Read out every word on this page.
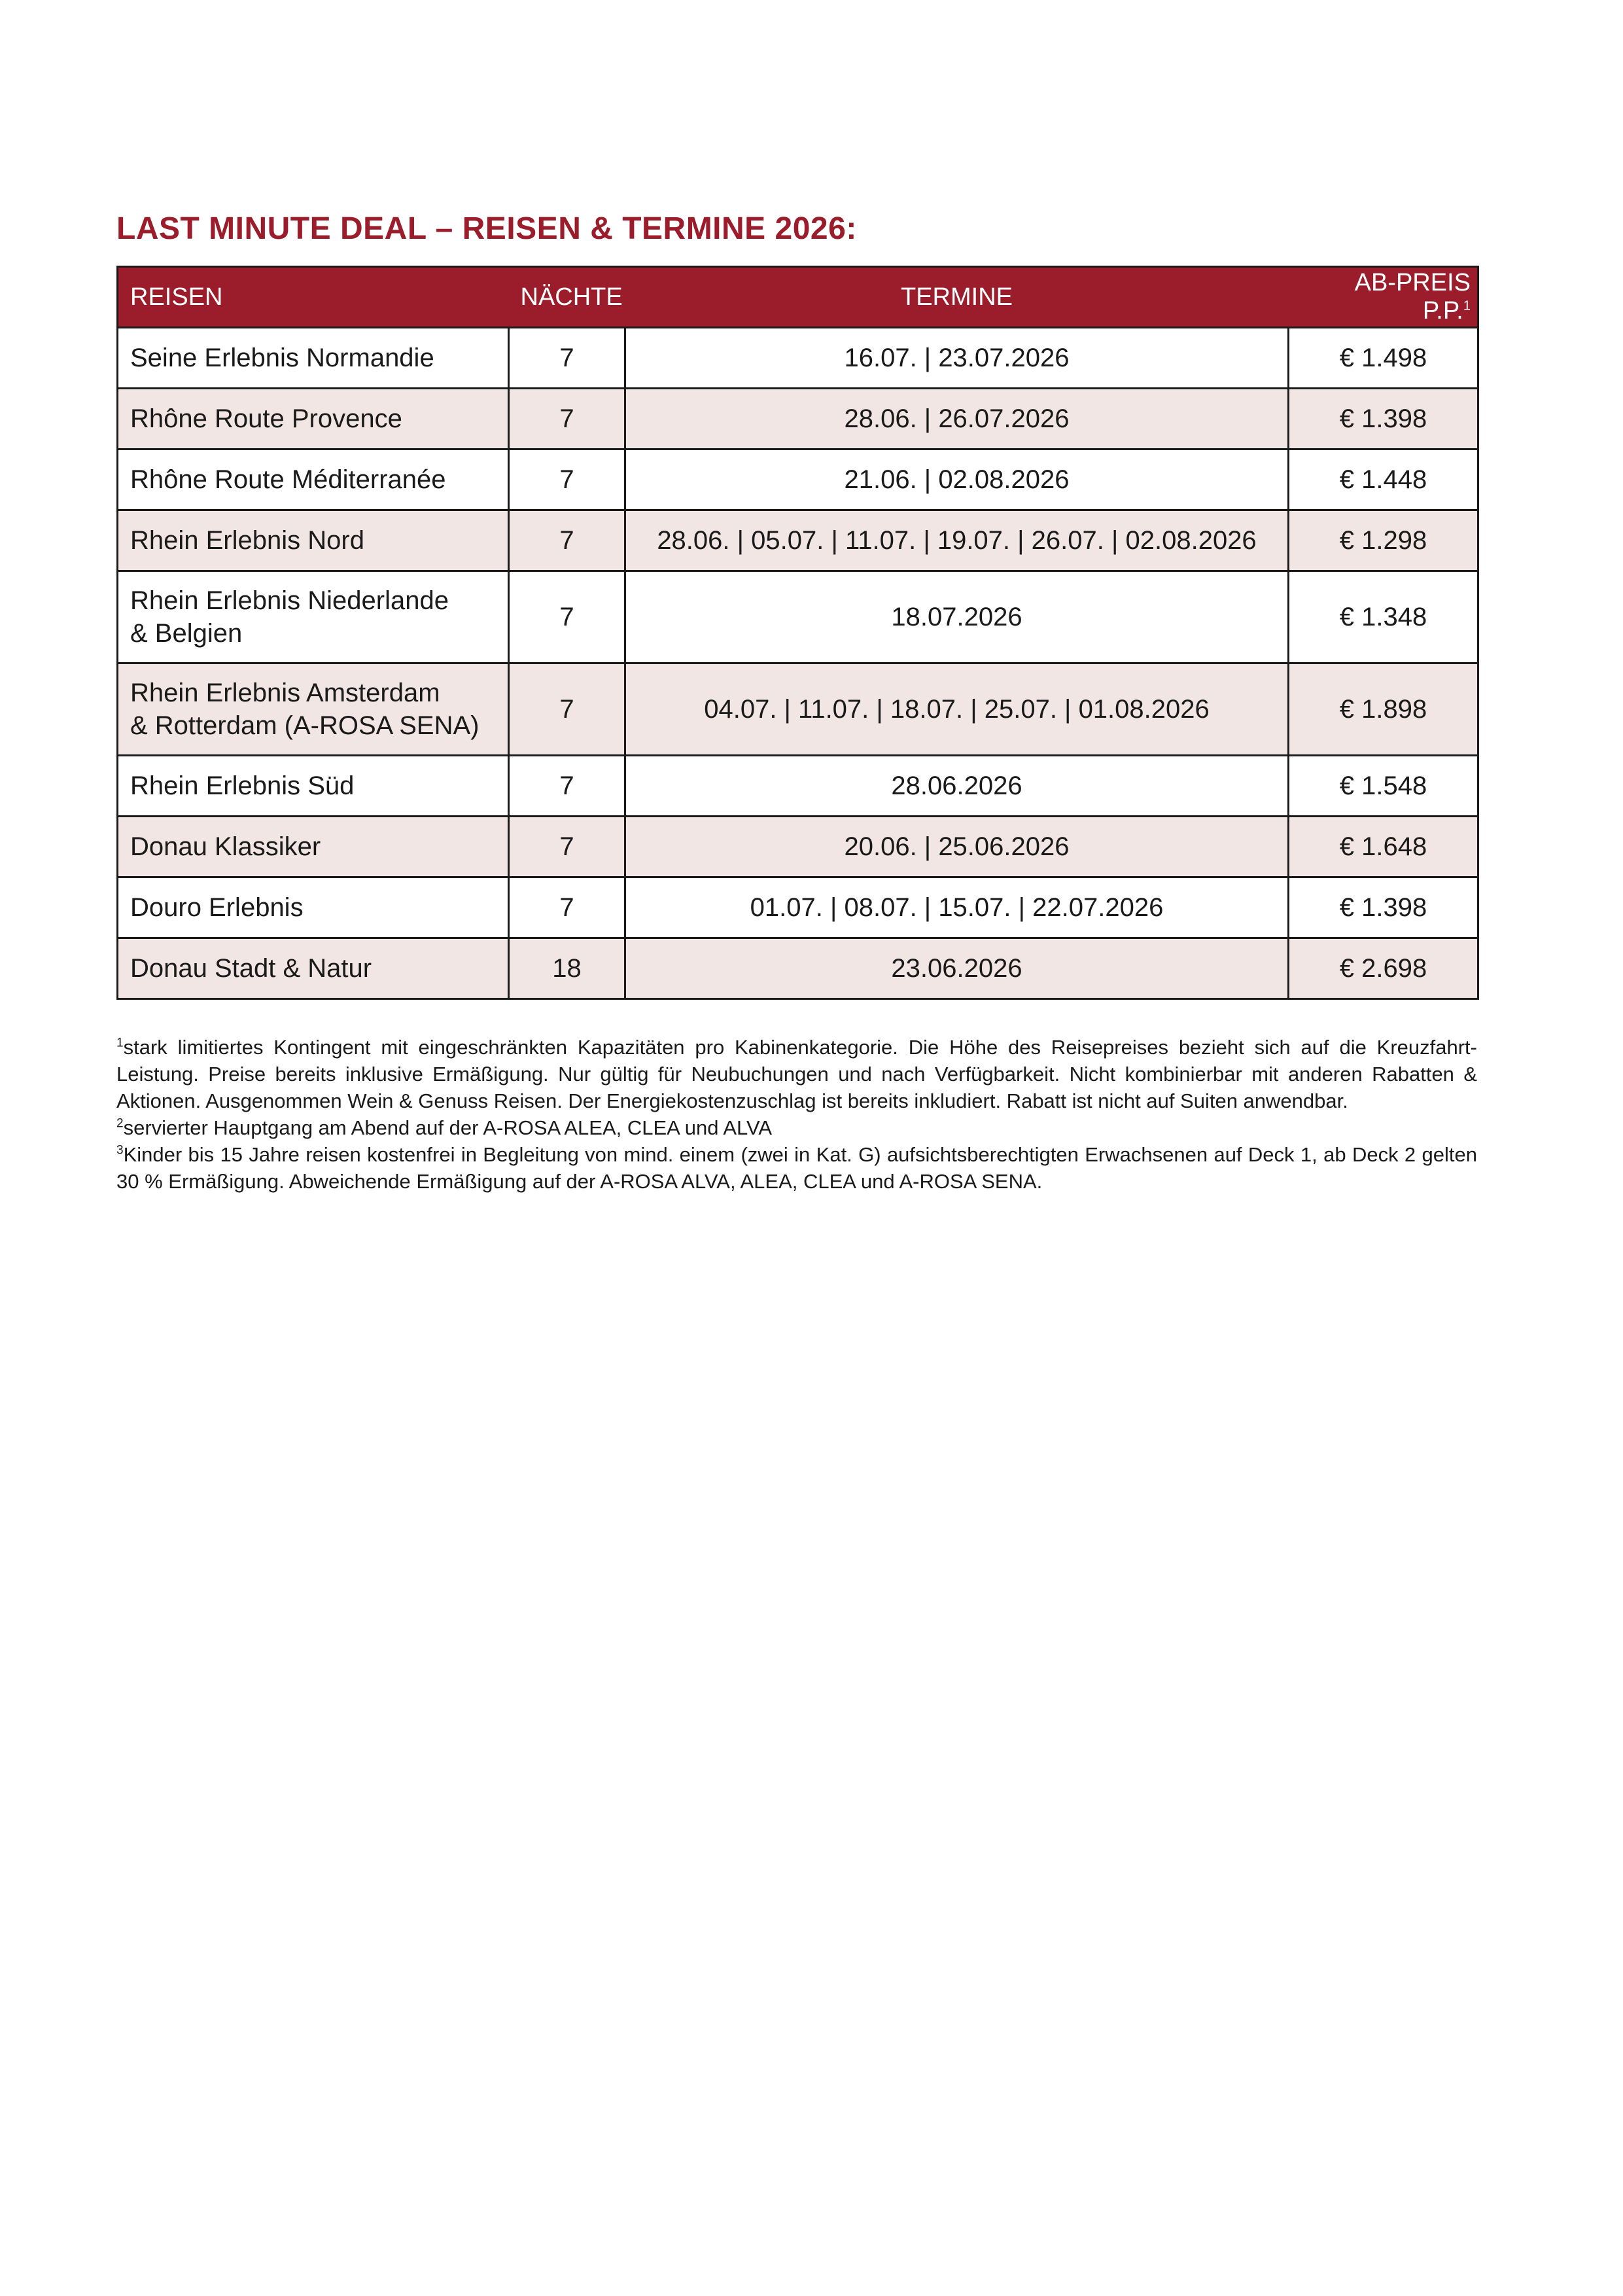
LAST MINUTE DEAL – REISEN & TERMINE 2026:
REISEN	NÄCHTE	TERMINE	AB-PREIS P.P.$^1$
Seine Erlebnis Normandie	7	16.07. | 23.07.2026	€ 1.498
Rhône Route Provence	7	28.06. | 26.07.2026	€ 1.398
Rhône Route Méditerranée	7	21.06. | 02.08.2026	€ 1.448
Rhein Erlebnis Nord	7	28.06. | 05.07. | 11.07. | 19.07. | 26.07. | 02.08.2026	€ 1.298
Rhein Erlebnis Niederlande
& Belgien	7	18.07.2026	€ 1.348
Rhein Erlebnis Amsterdam
& Rotterdam (A-ROSA SENA)	7	04.07. | 11.07. | 18.07. | 25.07. | 01.08.2026	€ 1.898
Rhein Erlebnis Süd	7	28.06.2026	€ 1.548
Donau Klassiker	7	20.06. | 25.06.2026	€ 1.648
Douro Erlebnis	7	01.07. | 08.07. | 15.07. | 22.07.2026	€ 1.398
Donau Stadt & Natur	18	23.06.2026	€ 2.698

$^1$stark limitiertes Kontingent mit eingeschränkten Kapazitäten pro Kabinenkategorie. Die Höhe des Reisepreises bezieht sich auf die Kreuzfahrt-Leistung. Preise bereits inklusive Ermäßigung. Nur gültig für Neubuchungen und nach Verfügbarkeit. Nicht kombinierbar mit anderen Rabatten & Aktionen. Ausgenommen Wein & Genuss Reisen. Der Energiekostenzuschlag ist bereits inkludiert. Rabatt ist nicht auf Suiten anwendbar.

$^2$servierter Hauptgang am Abend auf der A-ROSA ALEA, CLEA und ALVA

$^3$Kinder bis 15 Jahre reisen kostenfrei in Begleitung von mind. einem (zwei in Kat. G) aufsichtsberechtigten Erwachsenen auf Deck 1, ab Deck 2 gelten 30 % Ermäßigung. Abweichende Ermäßigung auf der A-ROSA ALVA, ALEA, CLEA und A-ROSA SENA.
